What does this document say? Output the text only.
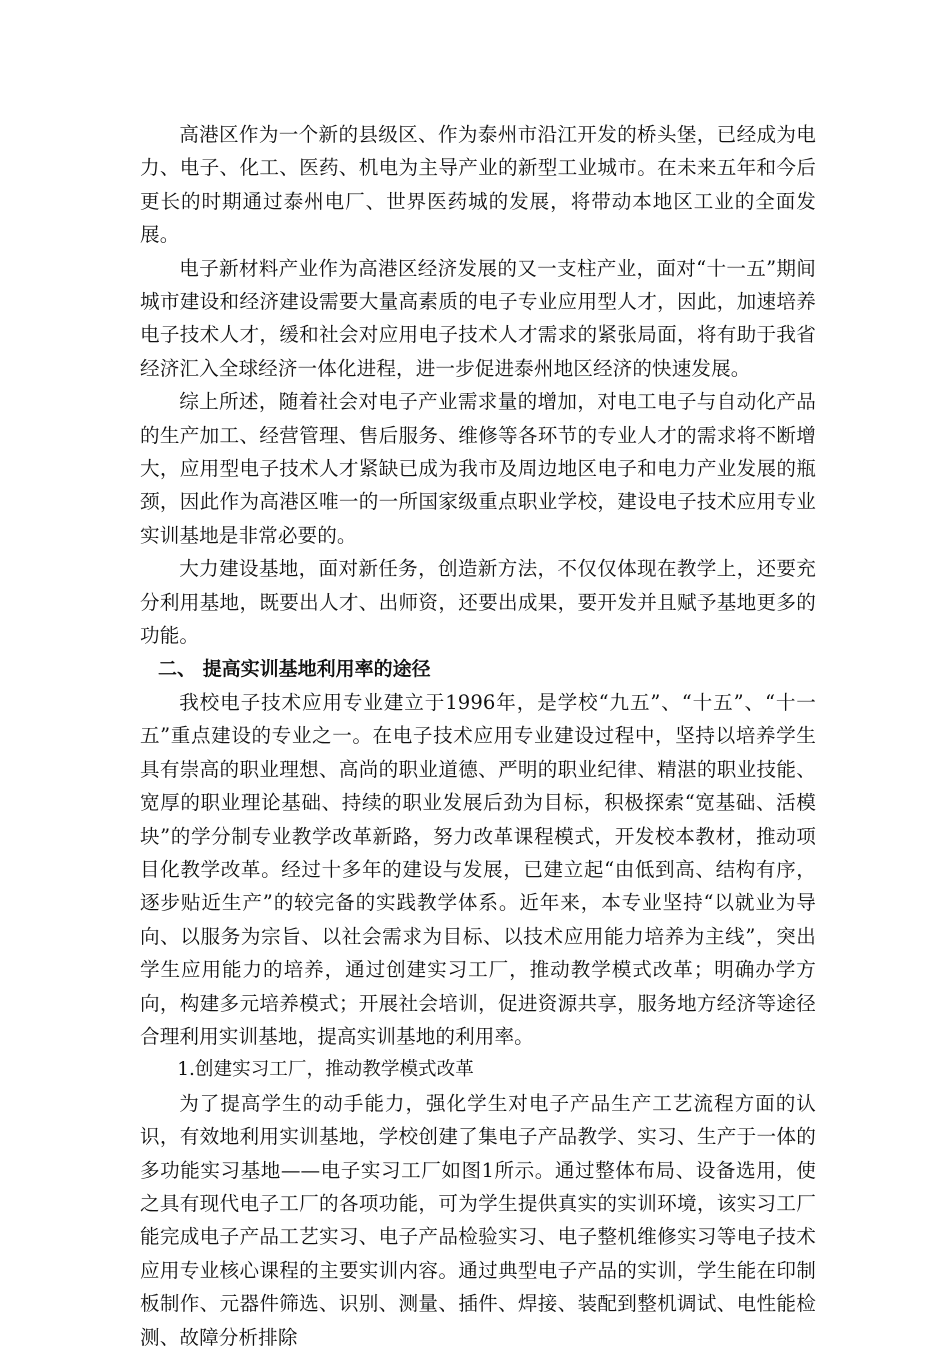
高港区作为一个新的县级区、作为泰州市沿江开发的桥头堡，已经成为电力、电子、化工、医药、机电为主导产业的新型工业城市。在未来五年和今后更长的时期通过泰州电厂、世界医药城的发展，将带动本地区工业的全面发展。

电子新材料产业作为高港区经济发展的又一支柱产业，面对“十一五”期间城市建设和经济建设需要大量高素质的电子专业应用型人才，因此，加速培养电子技术人才，缓和社会对应用电子技术人才需求的紧张局面，将有助于我省经济汇入全球经济一体化进程，进一步促进泰州地区经济的快速发展。

综上所述，随着社会对电子产业需求量的增加，对电工电子与自动化产品的生产加工、经营管理、售后服务、维修等各环节的专业人才的需求将不断增大，应用型电子技术人才紧缺已成为我市及周边地区电子和电力产业发展的瓶颈，因此作为高港区唯一的一所国家级重点职业学校，建设电子技术应用专业实训基地是非常必要的。

大力建设基地，面对新任务，创造新方法，不仅仅体现在教学上，还要充分利用基地，既要出人才、出师资，还要出成果，要开发并且赋予基地更多的功能。

二、 提高实训基地利用率的途径

我校电子技术应用专业建立于1996年，是学校“九五”、“十五”、“十一五”重点建设的专业之一。在电子技术应用专业建设过程中，坚持以培养学生具有崇高的职业理想、高尚的职业道德、严明的职业纪律、精湛的职业技能、宽厚的职业理论基础、持续的职业发展后劲为目标，积极探索“宽基础、活模块”的学分制专业教学改革新路，努力改革课程模式，开发校本教材，推动项目化教学改革。经过十多年的建设与发展，已建立起“由低到高、结构有序，逐步贴近生产”的较完备的实践教学体系。近年来，本专业坚持“以就业为导向、以服务为宗旨、以社会需求为目标、以技术应用能力培养为主线”，突出学生应用能力的培养，通过创建实习工厂，推动教学模式改革；明确办学方向，构建多元培养模式；开展社会培训，促进资源共享，服务地方经济等途径合理利用实训基地，提高实训基地的利用率。

1.创建实习工厂，推动教学模式改革

为了提高学生的动手能力，强化学生对电子产品生产工艺流程方面的认识，有效地利用实训基地，学校创建了集电子产品教学、实习、生产于一体的多功能实习基地——电子实习工厂如图1所示。通过整体布局、设备选用，使之具有现代电子工厂的各项功能，可为学生提供真实的实训环境，该实习工厂能完成电子产品工艺实习、电子产品检验实习、电子整机维修实习等电子技术应用专业核心课程的主要实训内容。通过典型电子产品的实训，学生能在印制板制作、元器件筛选、识别、测量、插件、焊接、装配到整机调试、电性能检测、故障分析排除
